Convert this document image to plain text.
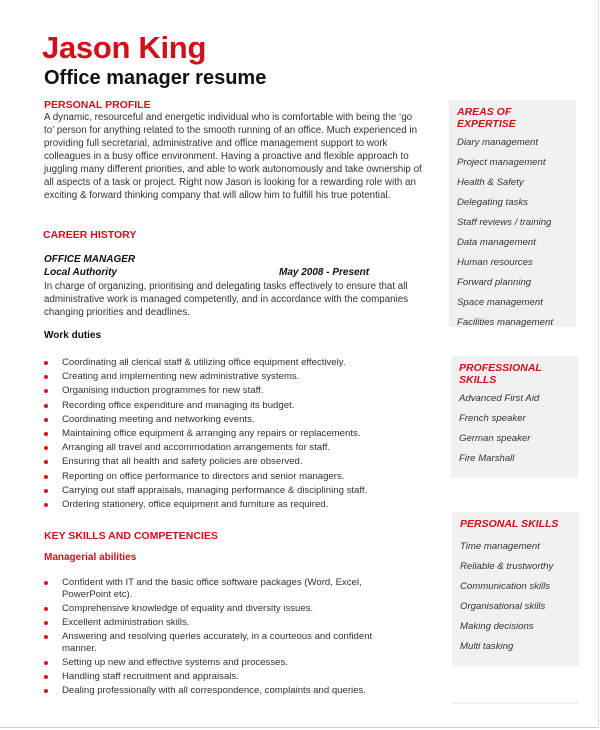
Jason King
Office manager resume
PERSONAL PROFILE
A dynamic, resourceful and energetic individual who is comfortable with being the ‘go to’ person for anything related to the smooth running of an office. Much experienced in providing full secretarial, administrative and office management support to work colleagues in a busy office environment. Having a proactive and flexible approach to juggling many different priorities, and able to work autonomously and take ownership of all aspects of a task or project. Right now Jason is looking for a rewarding role with an exciting & forward thinking company that will allow him to fulfill his true potential.
CAREER HISTORY
OFFICE MANAGER
Local Authority	May 2008 - Present
In charge of organizing, prioritising and delegating tasks effectively to ensure that all administrative work is managed competently, and in accordance with the companies changing priorities and deadlines.
Work duties
Coordinating all clerical staff & utilizing office equipment effectively.
Creating and implementing new administrative systems.
Organising induction programmes for new staff.
Recording office expenditure and managing its budget.
Coordinating meeting and networking events.
Maintaining office equipment & arranging any repairs or replacements.
Arranging all travel and accommodation arrangements for staff.
Ensuring that all health and safety policies are observed.
Reporting on office performance to directors and senior managers.
Carrying out staff appraisals, managing performance & disciplining staff.
Ordering stationery, office equipment and furniture as required.
KEY SKILLS AND COMPETENCIES
Managerial abilities
Confident with IT and the basic office software packages (Word, Excel, PowerPoint etc).
Comprehensive knowledge of equality and diversity issues.
Excellent administration skills.
Answering and resolving queries accurately, in a courteous and confident manner.
Setting up new and effective systems and processes.
Handling staff recruitment and appraisals.
Dealing professionally with all correspondence, complaints and queries.
AREAS OF EXPERTISE
Diary management
Project management
Health & Safety
Delegating tasks
Staff reviews / training
Data management
Human resources
Forward planning
Space management
Facilities management
PROFESSIONAL SKILLS
Advanced First Aid
French speaker
German speaker
Fire Marshall
PERSONAL SKILLS
Time management
Reliable & trustworthy
Communication skills
Organisational skills
Making decisions
Multi tasking
